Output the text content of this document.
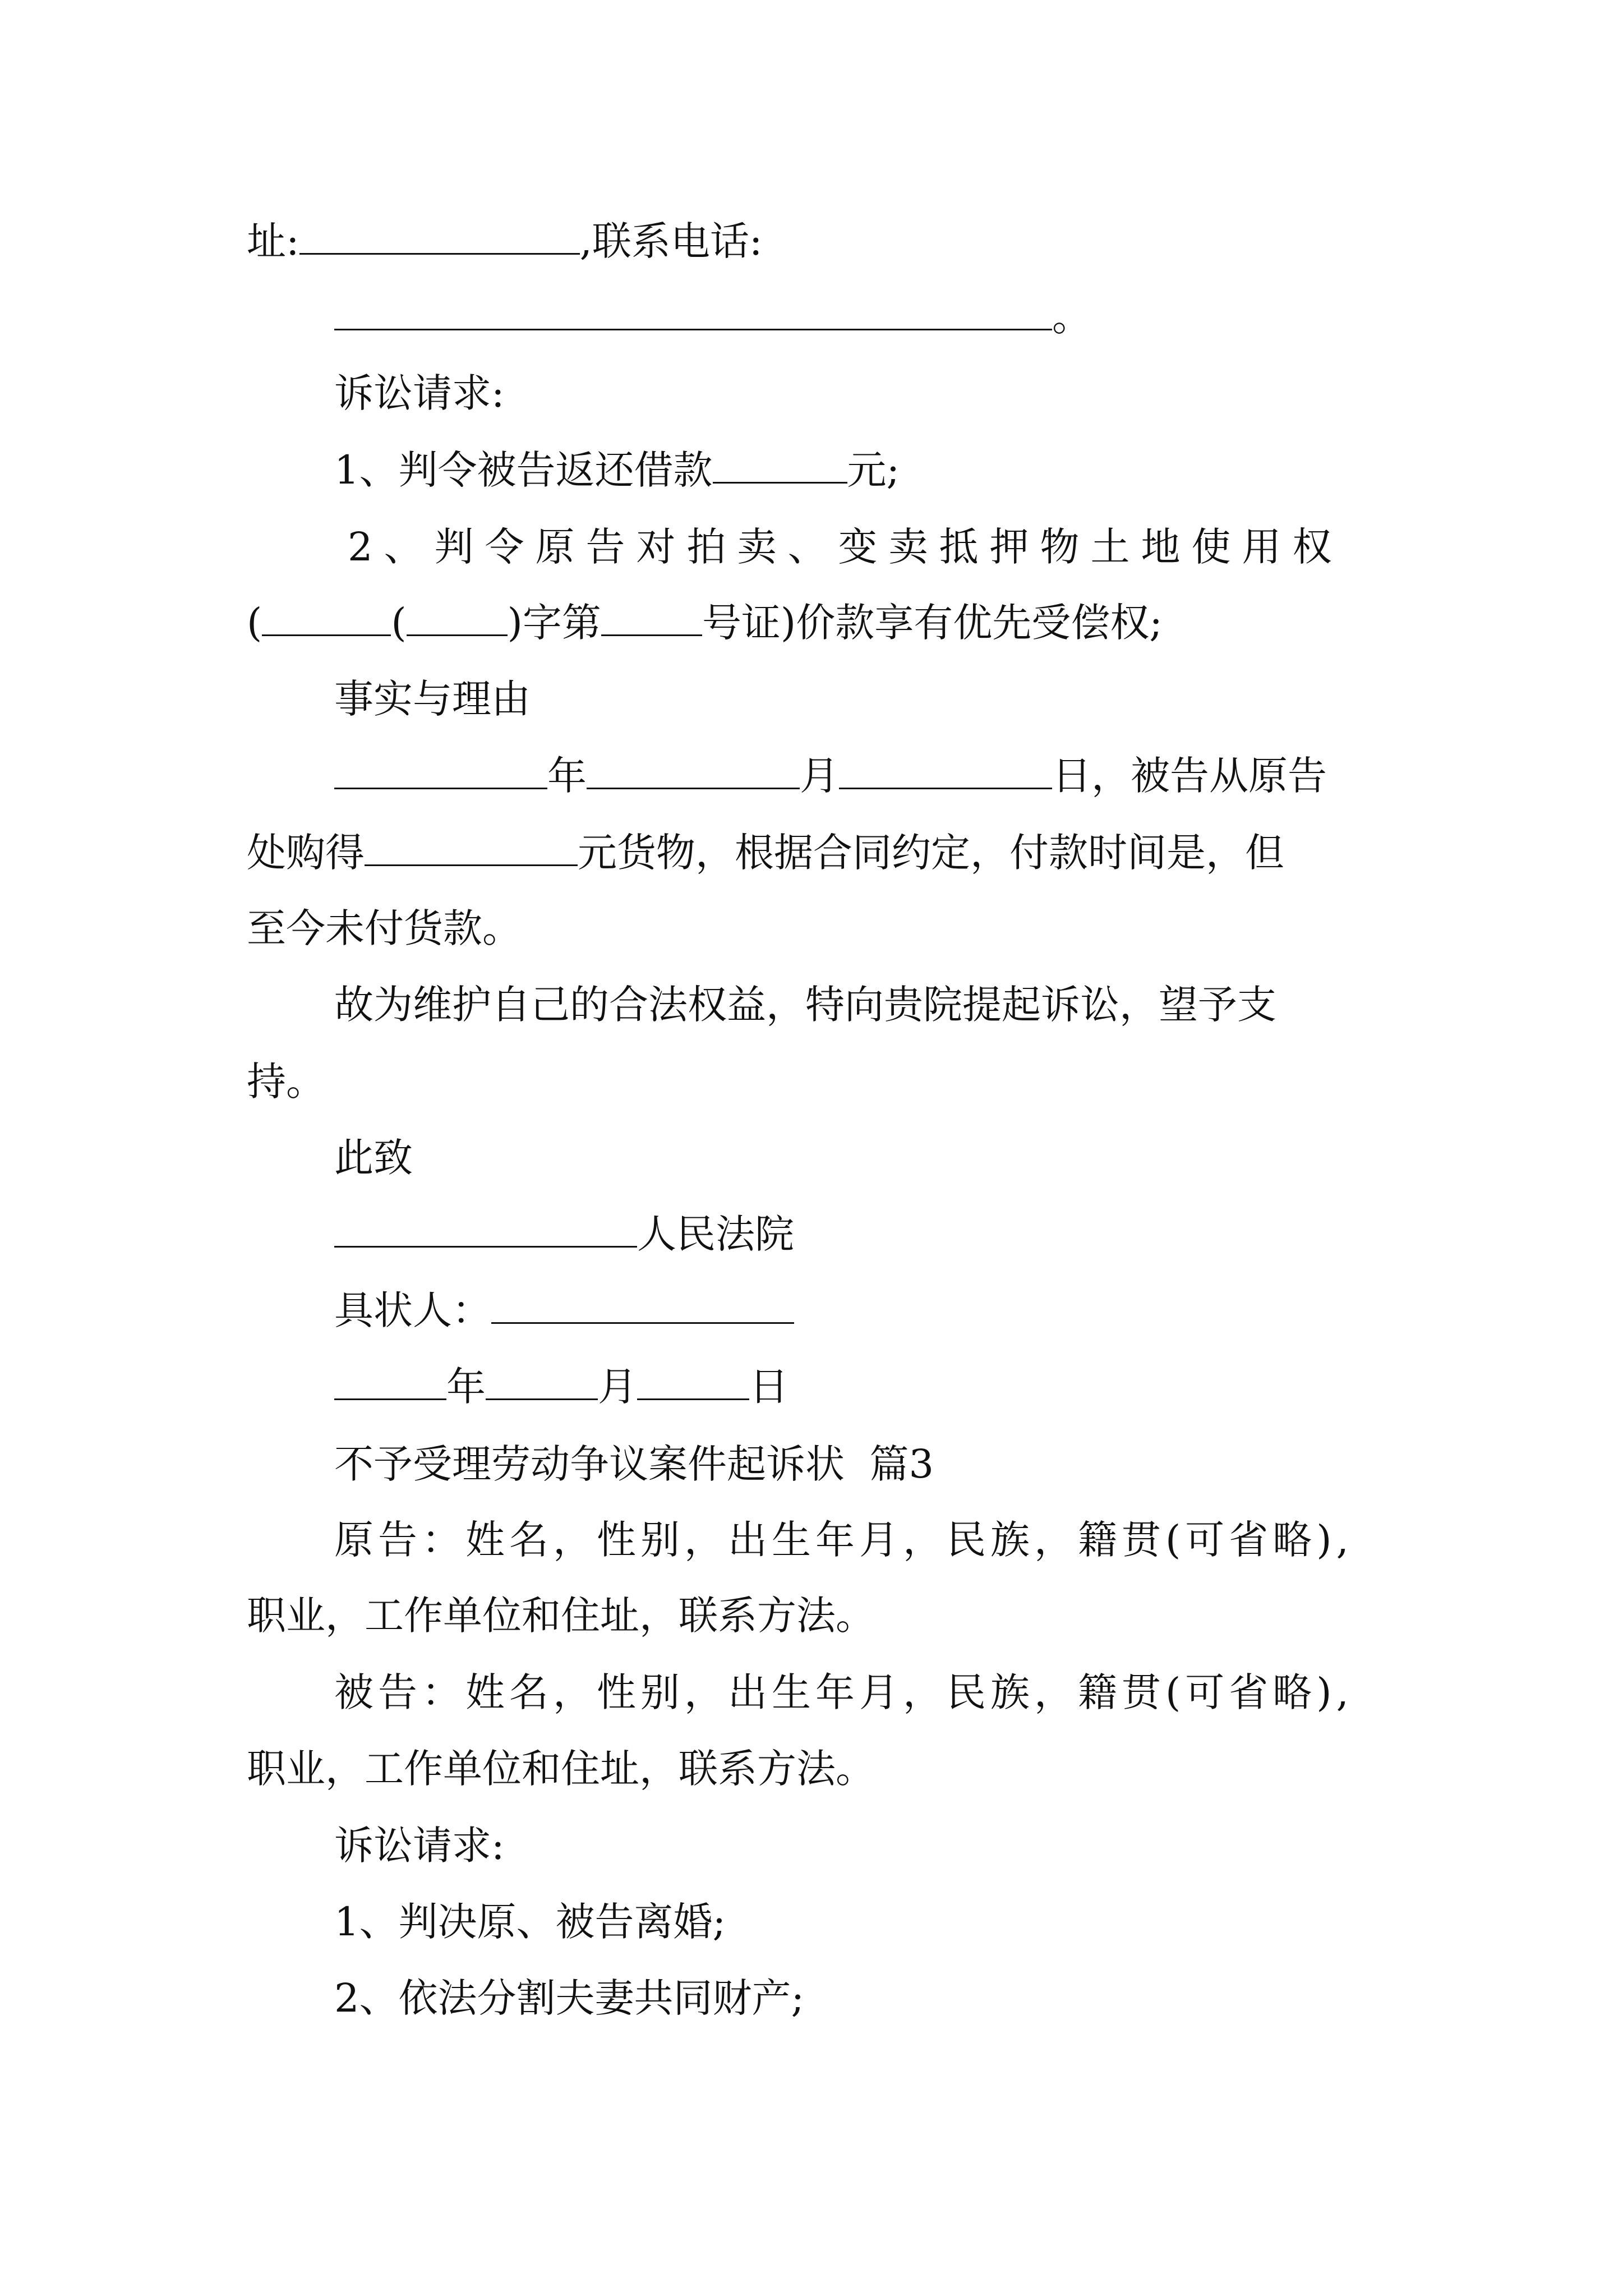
址:	,联系电话:
。
诉讼请求:
1、判令被告返还借款	元;
2、判令原告对拍卖、变卖抵押物土地使用权
(	(	)字第	号证)价款享有优先受偿权;
事实与理由
年	月	日，被告从原告
处购得	元货物，根据合同约定，付款时间是，但
至今未付货款。
故为维护自己的合法权益，特向贵院提起诉讼，望予支
持。
此致
人民法院
具状人：
年	月	日
不予受理劳动争议案件起诉状  篇3
原告：姓名，性别，出生年月，民族，籍贯(可省略),
职业，工作单位和住址，联系方法。
被告：姓名，性别，出生年月，民族，籍贯(可省略),
职业，工作单位和住址，联系方法。
诉讼请求:
1、判决原、被告离婚;
2、依法分割夫妻共同财产;
